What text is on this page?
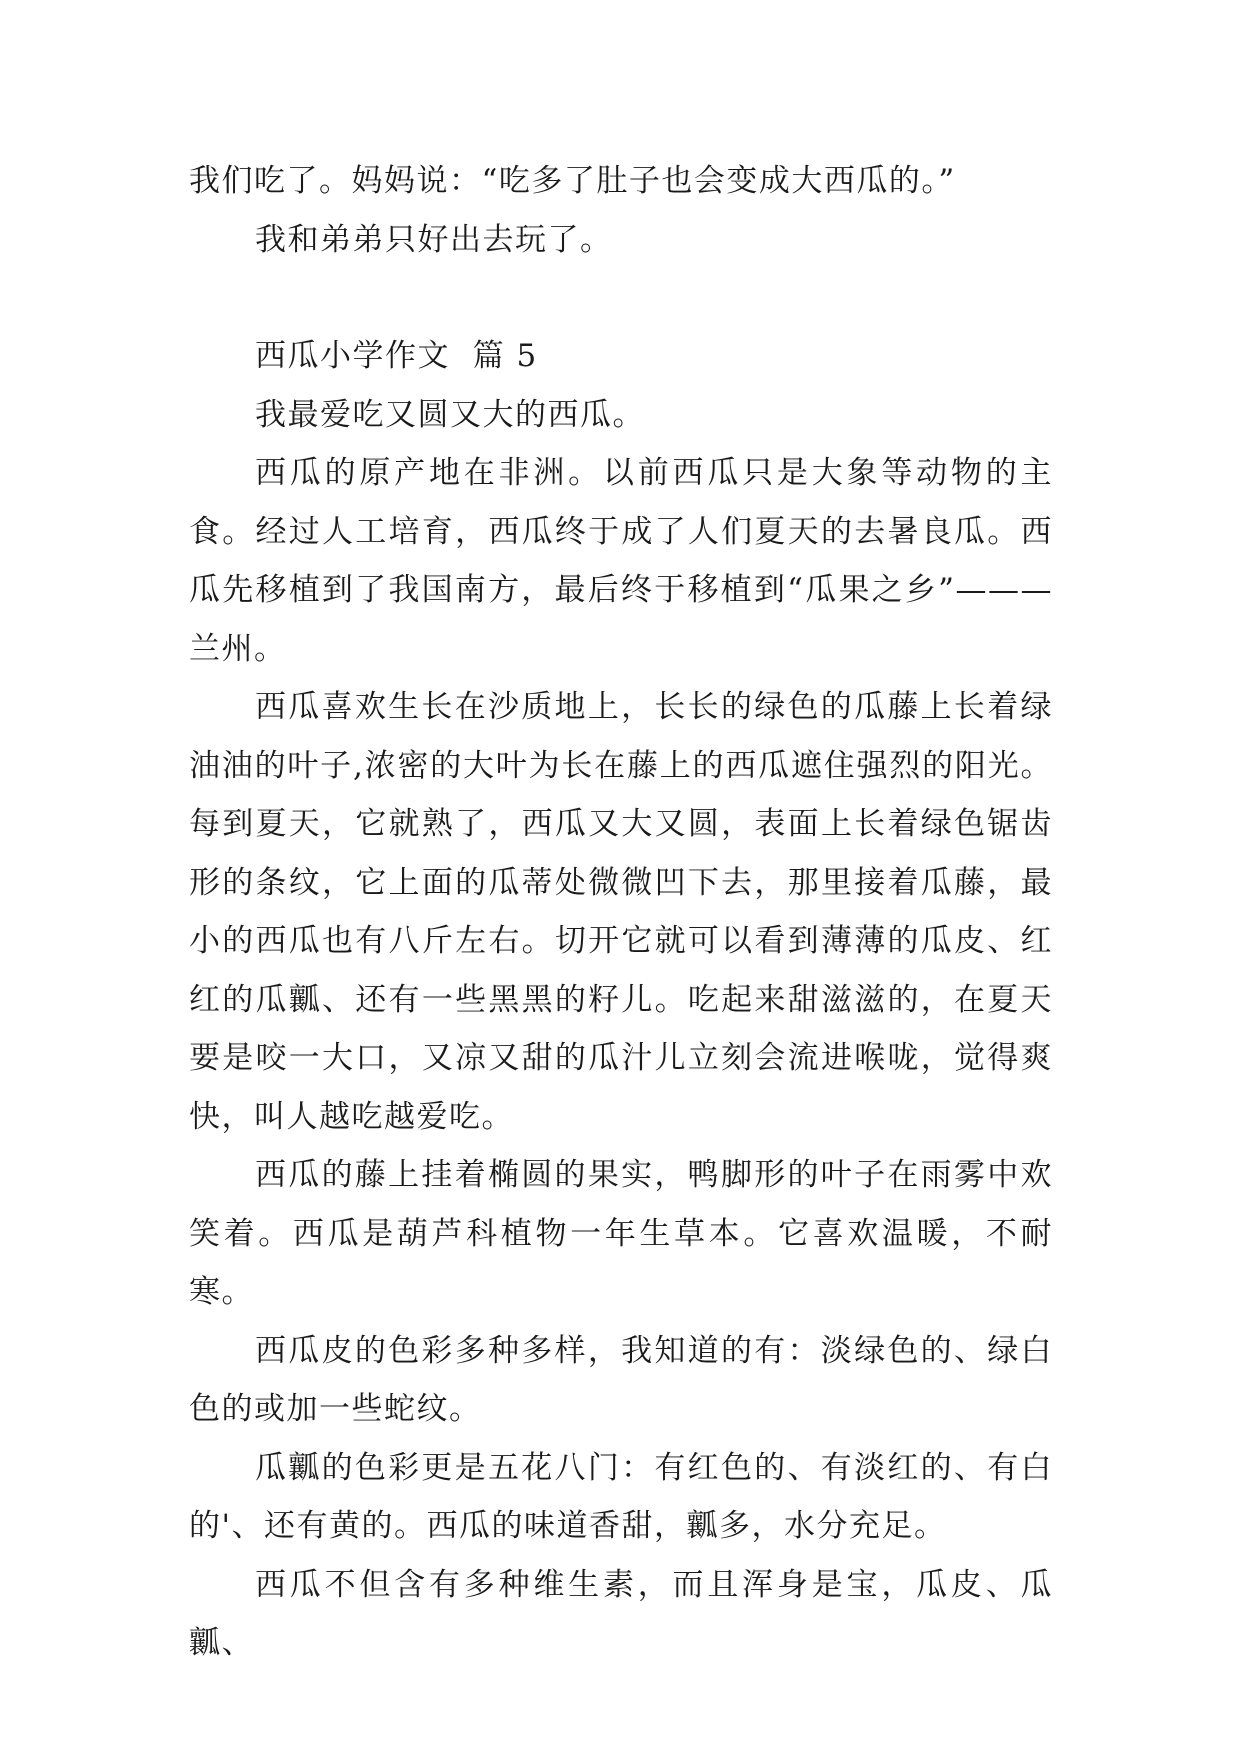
我们吃了。妈妈说：“吃多了肚子也会变成大西瓜的。”

我和弟弟只好出去玩了。

西瓜小学作文  篇 5

我最爱吃又圆又大的西瓜。

西瓜的原产地在非洲。以前西瓜只是大象等动物的主食。经过人工培育，西瓜终于成了人们夏天的去暑良瓜。西瓜先移植到了我国南方，最后终于移植到“瓜果之乡”———兰州。

西瓜喜欢生长在沙质地上，长长的绿色的瓜藤上长着绿油油的叶子,浓密的大叶为长在藤上的西瓜遮住强烈的阳光。每到夏天，它就熟了，西瓜又大又圆，表面上长着绿色锯齿形的条纹，它上面的瓜蒂处微微凹下去，那里接着瓜藤，最小的西瓜也有八斤左右。切开它就可以看到薄薄的瓜皮、红红的瓜瓤、还有一些黑黑的籽儿。吃起来甜滋滋的，在夏天要是咬一大口，又凉又甜的瓜汁儿立刻会流进喉咙，觉得爽快，叫人越吃越爱吃。

西瓜的藤上挂着椭圆的果实，鸭脚形的叶子在雨雾中欢笑着。西瓜是葫芦科植物一年生草本。它喜欢温暖，不耐寒。

西瓜皮的色彩多种多样，我知道的有：淡绿色的、绿白色的或加一些蛇纹。

瓜瓤的色彩更是五花八门：有红色的、有淡红的、有白的'、还有黄的。西瓜的味道香甜，瓤多，水分充足。

西瓜不但含有多种维生素，而且浑身是宝，瓜皮、瓜瓤、
